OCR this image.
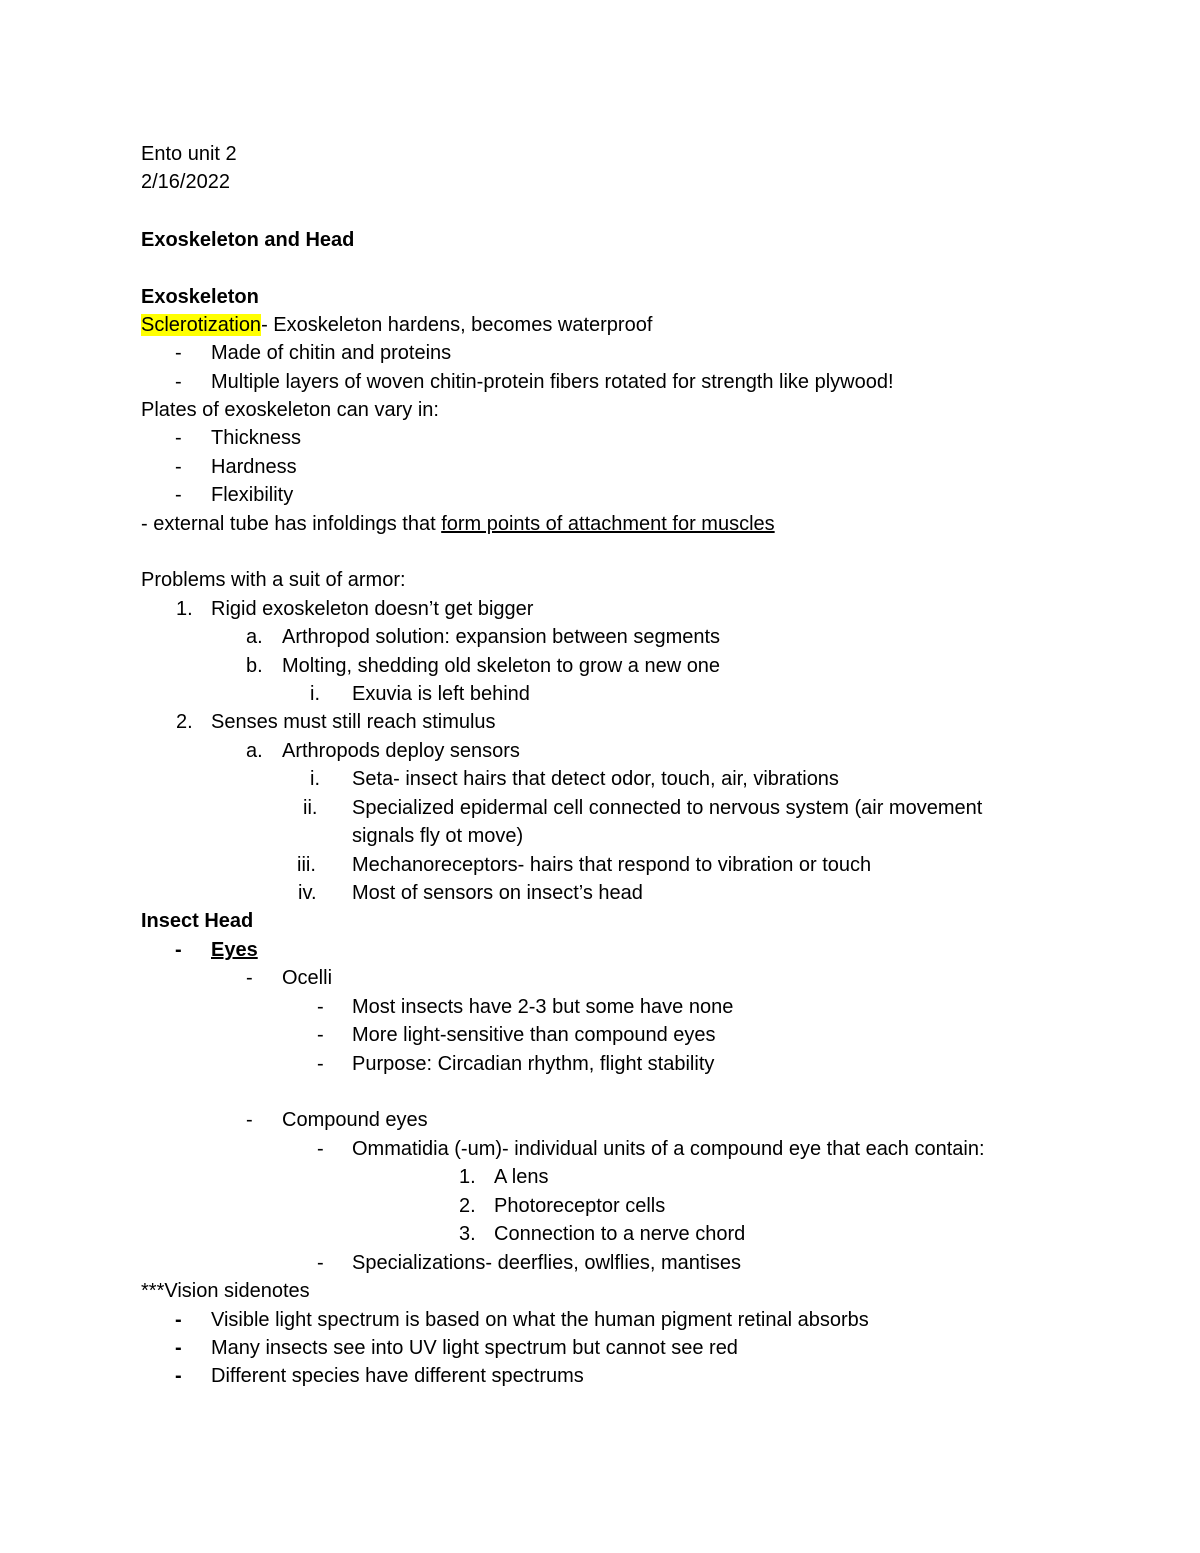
Ento unit 2
2/16/2022
Exoskeleton and Head
Exoskeleton
Sclerotization- Exoskeleton hardens, becomes waterproof
- Made of chitin and proteins
- Multiple layers of woven chitin-protein fibers rotated for strength like plywood!
Plates of exoskeleton can vary in:
- Thickness
- Hardness
- Flexibility
- external tube has infoldings that form points of attachment for muscles
Problems with a suit of armor:
1. Rigid exoskeleton doesn’t get bigger
a. Arthropod solution: expansion between segments
b. Molting, shedding old skeleton to grow a new one
i. Exuvia is left behind
2. Senses must still reach stimulus
a. Arthropods deploy sensors
i. Seta- insect hairs that detect odor, touch, air, vibrations
ii. Specialized epidermal cell connected to nervous system (air movement
signals fly ot move)
iii. Mechanoreceptors- hairs that respond to vibration or touch
iv. Most of sensors on insect’s head
Insect Head
- Eyes
- Ocelli
- Most insects have 2-3 but some have none
- More light-sensitive than compound eyes
- Purpose: Circadian rhythm, flight stability
- Compound eyes
- Ommatidia (-um)- individual units of a compound eye that each contain:
1. A lens
2. Photoreceptor cells
3. Connection to a nerve chord
- Specializations- deerflies, owlflies, mantises
***Vision sidenotes
- Visible light spectrum is based on what the human pigment retinal absorbs
- Many insects see into UV light spectrum but cannot see red
- Different species have different spectrums
